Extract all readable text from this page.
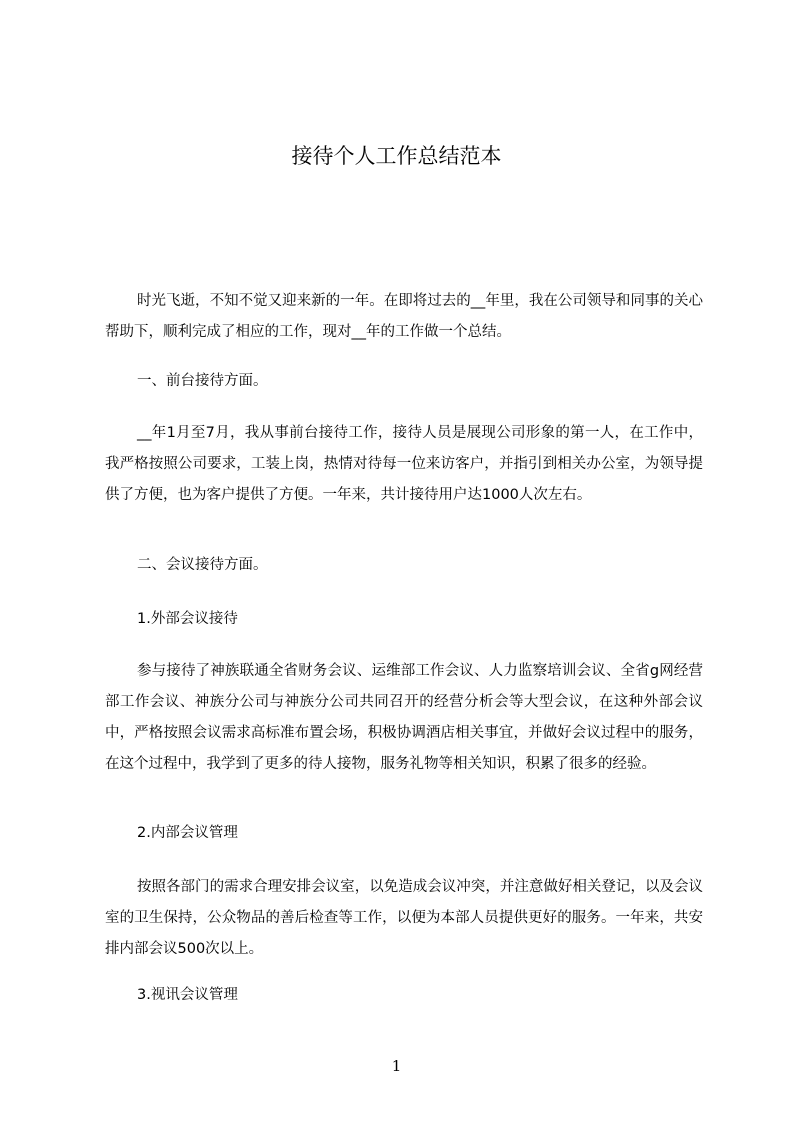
接待个人工作总结范本
时光飞逝，不知不觉又迎来新的一年。在即将过去的__年里，我在公司领导和同事的关心帮助下，顺利完成了相应的工作，现对__年的工作做一个总结。
一、前台接待方面。
__年1月至7月，我从事前台接待工作，接待人员是展现公司形象的第一人，在工作中，我严格按照公司要求，工装上岗，热情对待每一位来访客户，并指引到相关办公室，为领导提供了方便，也为客户提供了方便。一年来，共计接待用户达1000人次左右。
二、会议接待方面。
1.外部会议接待
参与接待了神族联通全省财务会议、运维部工作会议、人力监察培训会议、全省g网经营部工作会议、神族分公司与神族分公司共同召开的经营分析会等大型会议，在这种外部会议中，严格按照会议需求高标准布置会场，积极协调酒店相关事宜，并做好会议过程中的服务，在这个过程中，我学到了更多的待人接物，服务礼物等相关知识，积累了很多的经验。
2.内部会议管理
按照各部门的需求合理安排会议室，以免造成会议冲突，并注意做好相关登记，以及会议室的卫生保持，公众物品的善后检查等工作，以便为本部人员提供更好的服务。一年来，共安排内部会议500次以上。
3.视讯会议管理
1
